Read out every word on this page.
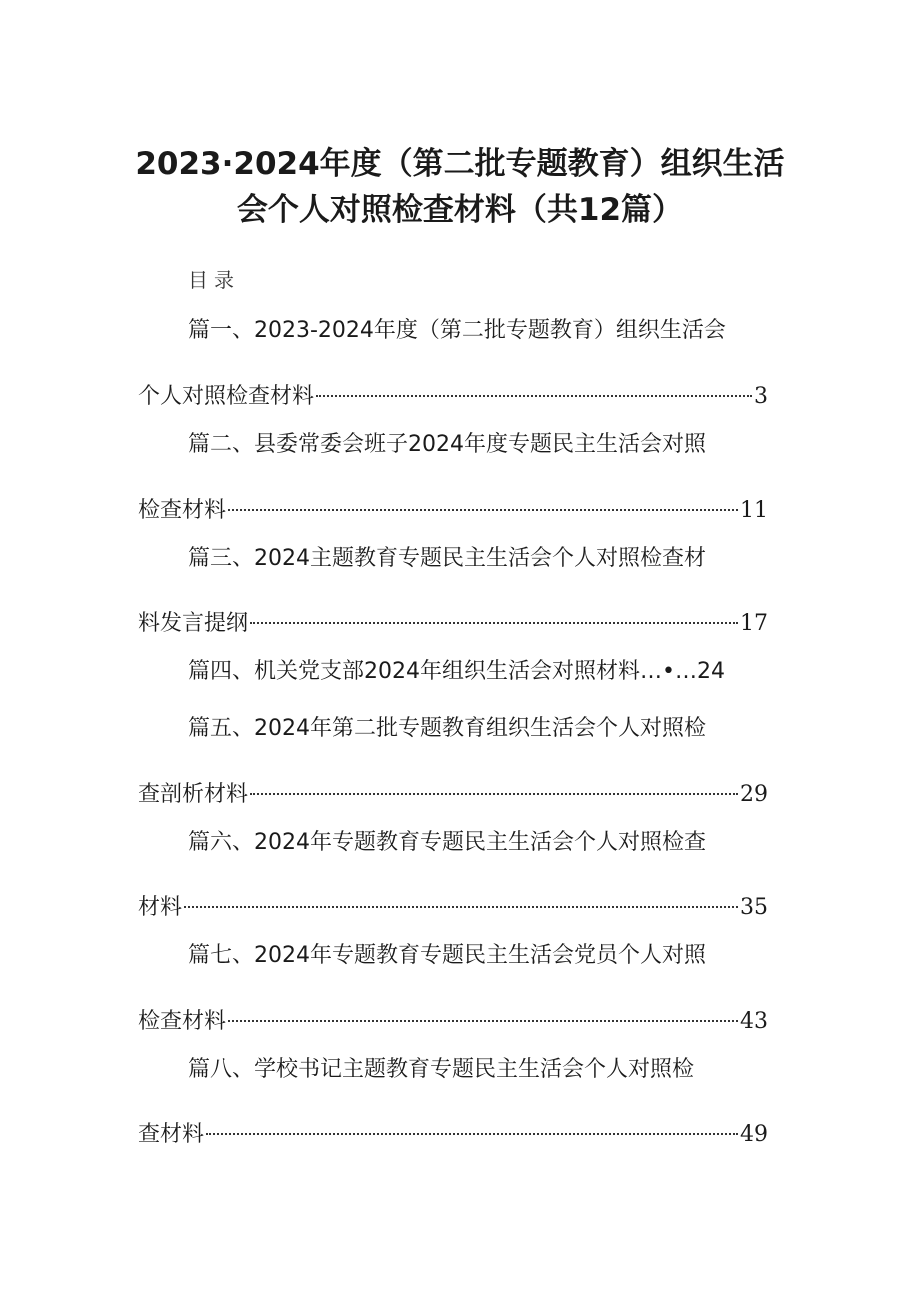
2023·2024年度（第二批专题教育）组织生活
会个人对照检查材料（共12篇）
目录
篇一、2023-2024年度（第二批专题教育）组织生活会
个人对照检查材料	3
篇二、县委常委会班子2024年度专题民主生活会对照
检查材料	11
篇三、2024主题教育专题民主生活会个人对照检查材
料发言提纲	17
篇四、机关党支部2024年组织生活会对照材料…•…24
篇五、2024年第二批专题教育组织生活会个人对照检
查剖析材料	29
篇六、2024年专题教育专题民主生活会个人对照检查
材料	35
篇七、2024年专题教育专题民主生活会党员个人对照
检查材料	43
篇八、学校书记主题教育专题民主生活会个人对照检
查材料	49
